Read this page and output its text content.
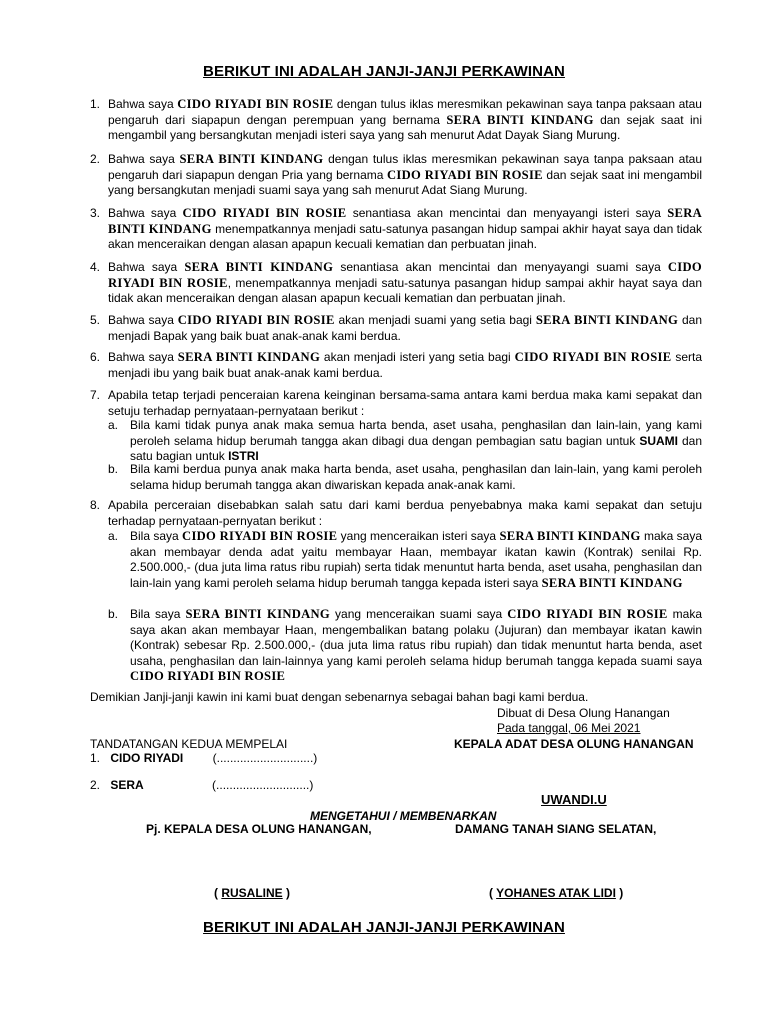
BERIKUT INI ADALAH JANJI-JANJI PERKAWINAN
1. Bahwa saya CIDO RIYADI BIN ROSIE dengan tulus iklas meresmikan pekawinan saya tanpa paksaan atau pengaruh dari siapapun dengan perempuan yang bernama SERA BINTI KINDANG dan sejak saat ini mengambil yang bersangkutan menjadi isteri saya yang sah menurut Adat Dayak Siang Murung.
2. Bahwa saya SERA BINTI KINDANG dengan tulus iklas meresmikan pekawinan saya tanpa paksaan atau pengaruh dari siapapun dengan Pria yang bernama CIDO RIYADI BIN ROSIE dan sejak saat ini mengambil yang bersangkutan menjadi suami saya yang sah menurut Adat Siang Murung.
3. Bahwa saya CIDO RIYADI BIN ROSIE senantiasa akan mencintai dan menyayangi isteri saya SERA BINTI KINDANG menempatkannya menjadi satu-satunya pasangan hidup sampai akhir hayat saya dan tidak akan menceraikan dengan alasan apapun kecuali kematian dan perbuatan jinah.
4. Bahwa saya SERA BINTI KINDANG senantiasa akan mencintai dan menyayangi suami saya CIDO RIYADI BIN ROSIE, menempatkannya menjadi satu-satunya pasangan hidup sampai akhir hayat saya dan tidak akan menceraikan dengan alasan apapun kecuali kematian dan perbuatan jinah.
5. Bahwa saya CIDO RIYADI BIN ROSIE akan menjadi suami yang setia bagi SERA BINTI KINDANG dan menjadi Bapak yang baik buat anak-anak kami berdua.
6. Bahwa saya SERA BINTI KINDANG akan menjadi isteri yang setia bagi CIDO RIYADI BIN ROSIE serta menjadi ibu yang baik buat anak-anak kami berdua.
7. Apabila tetap terjadi penceraian karena keinginan bersama-sama antara kami berdua maka kami sepakat dan setuju terhadap pernyataan-pernyataan berikut :
a. Bila kami tidak punya anak maka semua harta benda, aset usaha, penghasilan dan lain-lain, yang kami peroleh selama hidup berumah tangga akan dibagi dua dengan pembagian satu bagian untuk SUAMI dan satu bagian untuk ISTRI
b. Bila kami berdua punya anak maka harta benda, aset usaha, penghasilan dan lain-lain, yang kami peroleh selama hidup berumah tangga akan diwariskan kepada anak-anak kami.
8. Apabila perceraian disebabkan salah satu dari kami berdua penyebabnya maka kami sepakat dan setuju terhadap pernyataan-pernyatan berikut :
a. Bila saya CIDO RIYADI BIN ROSIE yang menceraikan isteri saya SERA BINTI KINDANG maka saya akan membayar denda adat yaitu membayar Haan, membayar ikatan kawin (Kontrak) senilai Rp. 2.500.000,- (dua juta lima ratus ribu rupiah) serta tidak menuntut harta benda, aset usaha, penghasilan dan lain-lain yang kami peroleh selama hidup berumah tangga kepada isteri saya SERA BINTI KINDANG
b. Bila saya SERA BINTI KINDANG yang menceraikan suami saya CIDO RIYADI BIN ROSIE maka saya akan akan membayar Haan, mengembalikan batang polaku (Jujuran) dan membayar ikatan kawin (Kontrak) sebesar Rp. 2.500.000,- (dua juta lima ratus ribu rupiah) dan tidak menuntut harta benda, aset usaha, penghasilan dan lain-lainnya yang kami peroleh selama hidup berumah tangga kepada suami saya CIDO RIYADI BIN ROSIE
Demikian Janji-janji kawin ini kami buat dengan sebenarnya sebagai bahan bagi kami berdua.
Dibuat di Desa Olung Hanangan
Pada tanggal, 06 Mei 2021
TANDATANGAN KEDUA MEMPELAI	KEPALA ADAT DESA OLUNG HANANGAN
1. CIDO RIYADI (.............................)
2. SERA	(............................)
UWANDI.U
MENGETAHUI / MEMBENARKAN
Pj. KEPALA DESA OLUNG HANANGAN,	DAMANG TANAH SIANG SELATAN,
( RUSALINE )	( YOHANES ATAK LIDI )
BERIKUT INI ADALAH JANJI-JANJI PERKAWINAN
